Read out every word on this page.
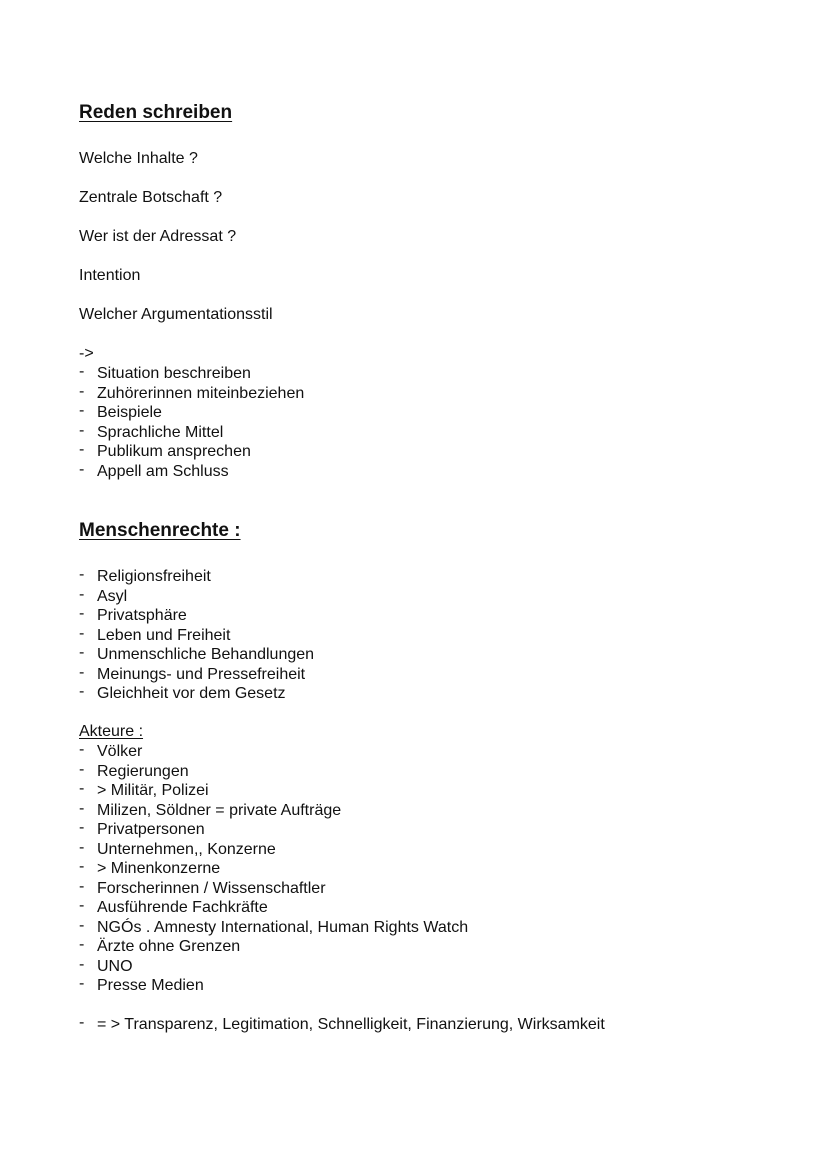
Reden schreiben

Welche Inhalte ?

Zentrale Botschaft ?

Wer ist der Adressat ?

Intention

Welcher Argumentationsstil

->

- Situation beschreiben
- Zuhörerinnen miteinbeziehen
- Beispiele
- Sprachliche Mittel
- Publikum ansprechen
- Appell am Schluss
Menschenrechte :
- Religionsfreiheit
- Asyl
- Privatsphäre
- Leben und Freiheit
- Unmenschliche Behandlungen
- Meinungs- und Pressefreiheit
- Gleichheit vor dem Gesetz

Akteure :

- Völker
- Regierungen
- > Militär, Polizei
- Milizen, Söldner = private Aufträge
- Privatpersonen
- Unternehmen,, Konzerne
- > Minenkonzerne
- Forscherinnen / Wissenschaftler
- Ausführende Fachkräfte
- NGÓs . Amnesty International, Human Rights Watch
- Ärzte ohne Grenzen
- UNO
- Presse Medien
- = > Transparenz, Legitimation, Schnelligkeit, Finanzierung, Wirksamkeit
